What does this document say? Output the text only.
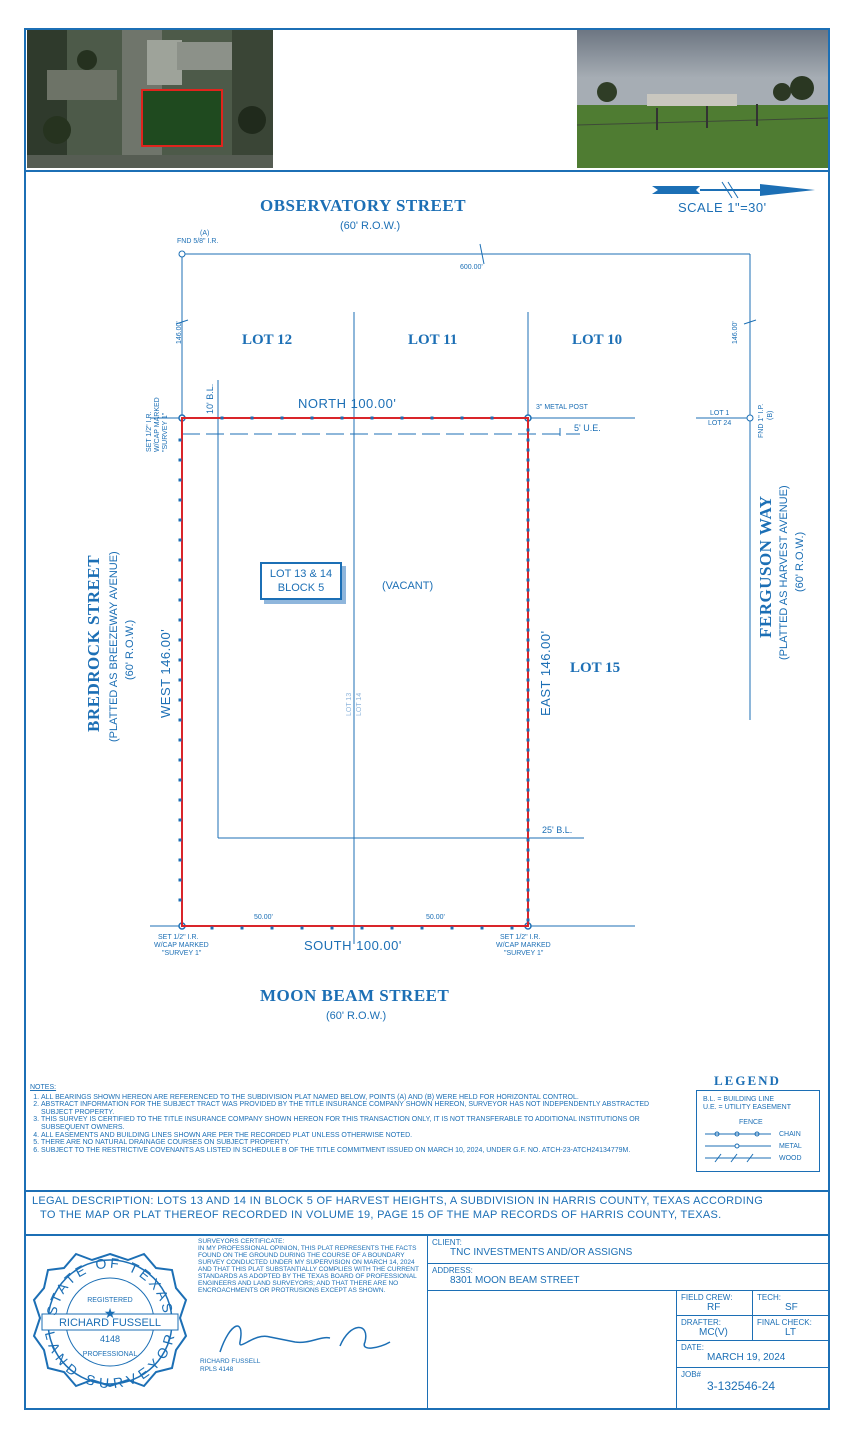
OBSERVATORY STREET
(60' R.O.W.)
MOON BEAM STREET
(60' R.O.W.)
BREDROCK STREET (PLATTED AS BREEZEWAY AVENUE) (60' R.O.W.)
FERGUSON WAY (PLATTED AS HARVEST AVENUE) (60' R.O.W.)
SCALE 1"=30'
LOT 12	LOT 11	LOT 10
LOT 15
LOT 1
LOT 24
LOT 13 LOT 14
LOT 13 & 14
BLOCK 5	(VACANT)
NORTH 100.00'
SOUTH 100.00'
WEST 146.00'	EAST 146.00'
600.00'
146.00'	146.00'
50.00'	50.00'
10' B.L.
25' B.L.
5' U.E.
(A)
FND 5/8" I.R.
FND 1" I.P. (B)
3" METAL POST
SET 1/2" I.R. W/CAP MARKED "SURVEY 1"
SET 1/2" I.R.
W/CAP MARKED
"SURVEY 1"
SET 1/2" I.R.
W/CAP MARKED
"SURVEY 1"
NOTES:
1. ALL BEARINGS SHOWN HEREON ARE REFERENCED TO THE SUBDIVISION PLAT NAMED BELOW, POINTS (A) AND (B) WERE HELD FOR HORIZONTAL CONTROL.
2. ABSTRACT INFORMATION FOR THE SUBJECT TRACT WAS PROVIDED BY THE TITLE INSURANCE COMPANY SHOWN HEREON, SURVEYOR HAS NOT INDEPENDENTLY ABSTRACTED SUBJECT PROPERTY.
3. THIS SURVEY IS CERTIFIED TO THE TITLE INSURANCE COMPANY SHOWN HEREON FOR THIS TRANSACTION ONLY, IT IS NOT TRANSFERABLE TO ADDITIONAL INSTITUTIONS OR SUBSEQUENT OWNERS.
4. ALL EASEMENTS AND BUILDING LINES SHOWN ARE PER THE RECORDED PLAT UNLESS OTHERWISE NOTED.
5. THERE ARE NO NATURAL DRAINAGE COURSES ON SUBJECT PROPERTY.
6. SUBJECT TO THE RESTRICTIVE COVENANTS AS LISTED IN SCHEDULE B OF THE TITLE COMMITMENT ISSUED ON MARCH 10, 2024, UNDER G.F. NO. ATCH-23-ATCH24134779M.
LEGEND
B.L. = BUILDING LINE
U.E. = UTILITY EASEMENT
FENCE
CHAIN
METAL
WOOD
LEGAL DESCRIPTION: LOTS 13 AND 14 IN BLOCK 5 OF HARVEST HEIGHTS, A SUBDIVISION IN HARRIS COUNTY, TEXAS ACCORDING
TO THE MAP OR PLAT THEREOF RECORDED IN VOLUME 19, PAGE 15 OF THE MAP RECORDS OF HARRIS COUNTY, TEXAS.
STATE OF TEXAS
LAND SURVEYOR
REGISTERED
★
RICHARD FUSSELL
4148
PROFESSIONAL
SURVEYORS CERTIFICATE:
IN MY PROFESSIONAL OPINION, THIS PLAT REPRESENTS THE FACTS FOUND ON THE GROUND DURING THE COURSE OF A BOUNDARY SURVEY CONDUCTED UNDER MY SUPERVISION ON MARCH 14, 2024 AND THAT THIS PLAT SUBSTANTIALLY COMPLIES WITH THE CURRENT STANDARDS AS ADOPTED BY THE TEXAS BOARD OF PROFESSIONAL ENGINEERS AND LAND SURVEYORS; AND THAT THERE ARE NO ENCROACHMENTS OR PROTRUSIONS EXCEPT AS SHOWN.
RICHARD FUSSELL
RPLS 4148
CLIENT:
TNC INVESTMENTS AND/OR ASSIGNS
ADDRESS:
8301 MOON BEAM STREET
FIELD CREW:
RF
TECH:
SF
DRAFTER:
MC(V)
FINAL CHECK:
LT
DATE:
MARCH 19, 2024
JOB#
3-132546-24
